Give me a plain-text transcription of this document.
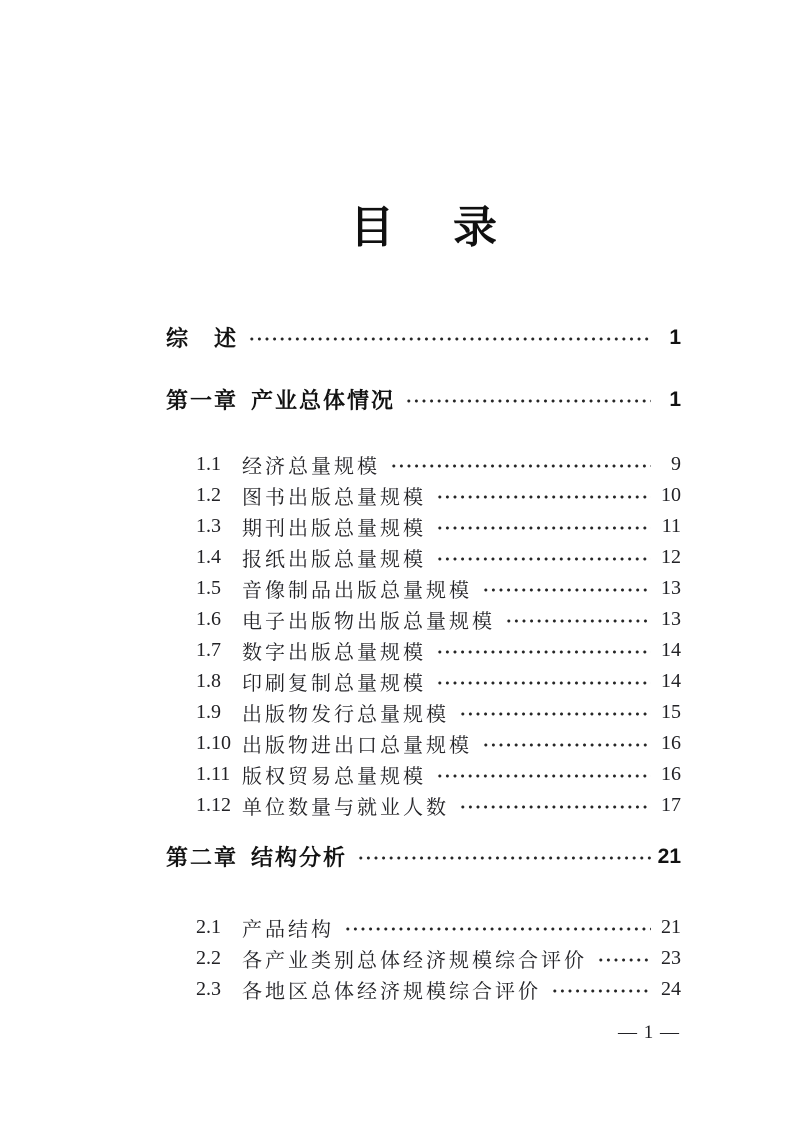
目 录
综　述	1
第一章 产业总体情况	1
1.1	经济总量规模	9
1.2	图书出版总量规模	10
1.3	期刊出版总量规模	11
1.4	报纸出版总量规模	12
1.5	音像制品出版总量规模	13
1.6	电子出版物出版总量规模	13
1.7	数字出版总量规模	14
1.8	印刷复制总量规模	14
1.9	出版物发行总量规模	15
1.10 出版物进出口总量规模	16
1.11 版权贸易总量规模	16
1.12 单位数量与就业人数	17
第二章 结构分析	21
2.1	产品结构	21
2.2	各产业类别总体经济规模综合评价	23
2.3	各地区总体经济规模综合评价	24
— 1 —
